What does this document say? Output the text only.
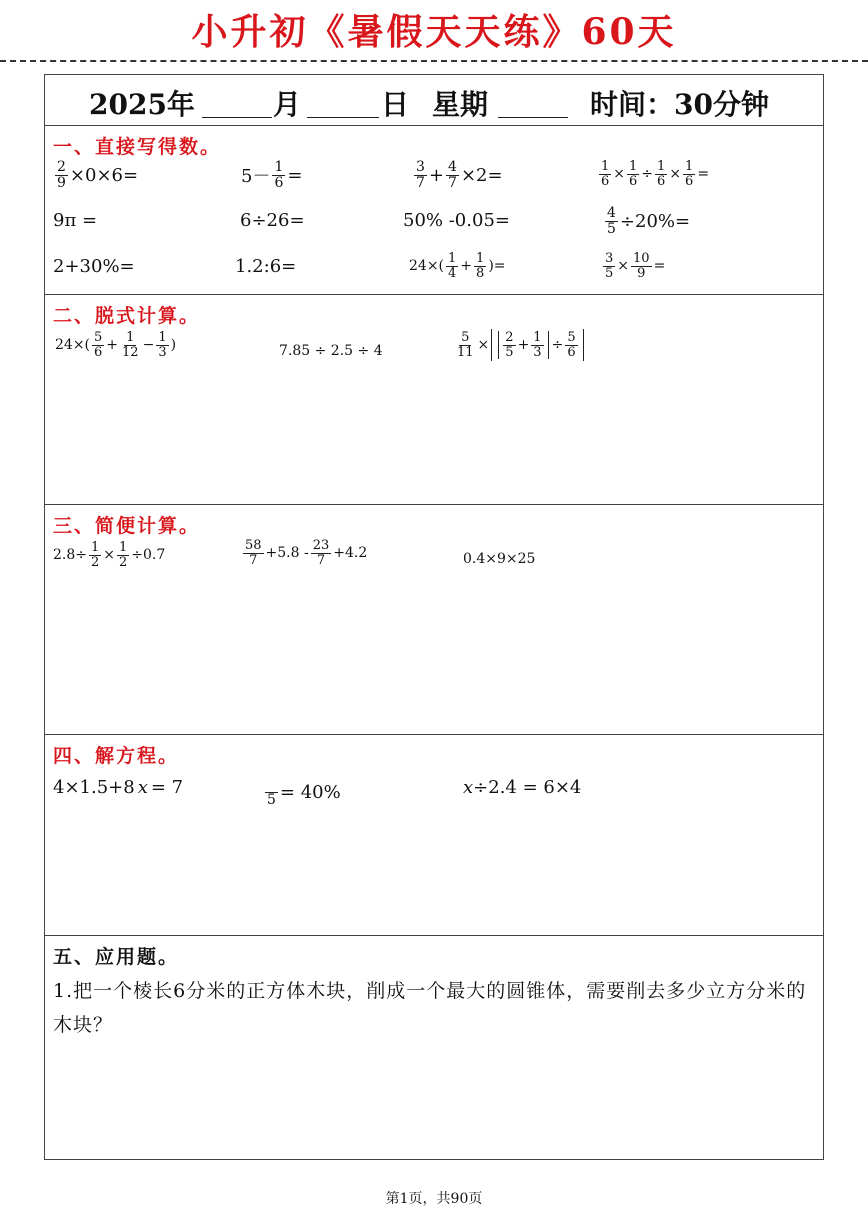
小升初《暑假天天练》60天
2025年	月	日 星期	时间：30分钟
一、直接写得数。
$\frac{2}{9} \times 0\times 6=$	$5- \frac{1}{6}$ =	$\frac{3}{7} + \frac{4}{7} \times 2=$	$\frac{1}{6} \times \frac{1}{6} \div \frac{1}{6} \times \frac{1}{6}$ =
9π =	6÷26=	50% -0.05=	$\frac{4}{5} \div 20\%=$
2+30%=	1.2:6=	$24\times( \frac{1}{4} + \frac{1}{8}$ )=	$\frac{3}{5} \times \frac{10}{9}$ =
二、脱式计算。
$24\times( \frac{5}{6} + \frac{1}{12} - \frac{1}{3}$ )	7.85 ÷ 2.5 ÷ 4	$\frac{5}{11} \times \frac{2}{5} + \frac{1}{3} \div \frac{5}{6}$
三、简便计算。
$2.8\div \frac{1}{2} \times \frac{1}{2} \div 0.7$	$\frac{58}{7} +5.8 - \frac{23}{7} +4.2$	0.4×9×25
四、解方程。
4×1.5+8 x = 7

5 = 40%	x ÷2.4 = 6×4
五、应用题。
1.把一个棱长6分米的正方体木块，削成一个最大的圆锥体，需要削去多少立方分米的木块？
第1页，共90页
